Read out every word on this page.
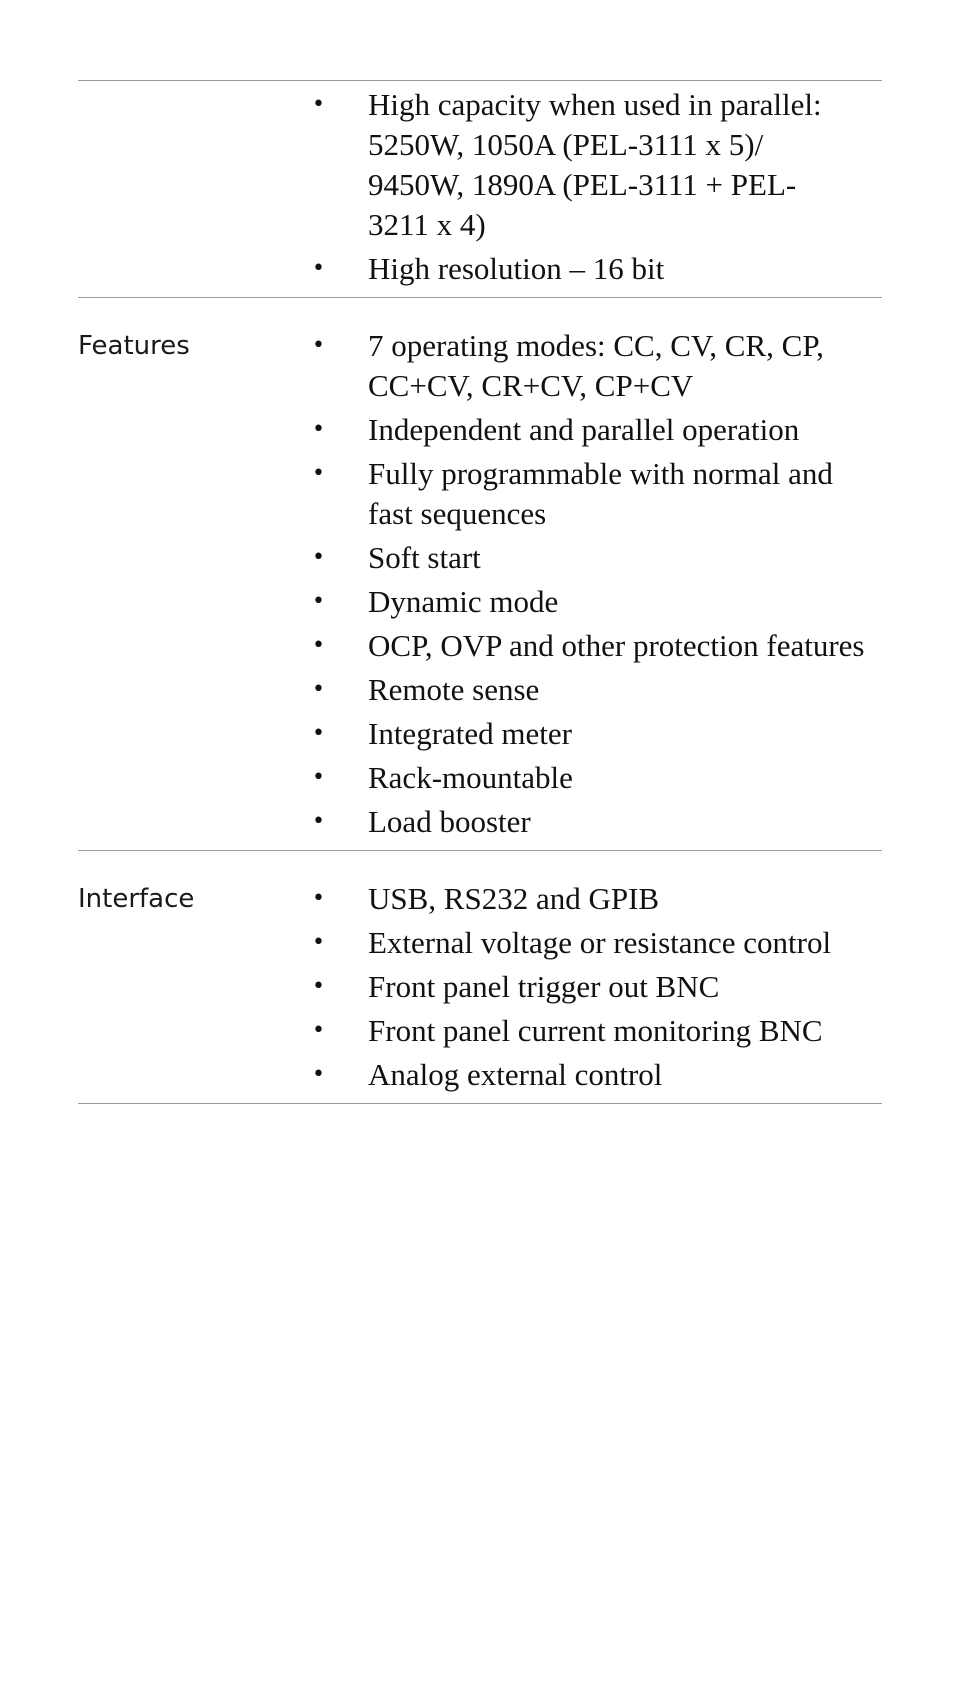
•	High capacity when used in parallel:
5250W, 1050A (PEL-3111 x 5)/
9450W, 1890A (PEL-3111 + PEL-
3211 x 4)
•	High resolution – 16 bit
Features	•	7 operating modes: CC, CV, CR, CP, CC+CV, CR+CV, CP+CV
•	Independent and parallel operation
•	Fully programmable with normal and fast sequences
•	Soft start
•	Dynamic mode
•	OCP, OVP and other protection features
•	Remote sense
•	Integrated meter
•	Rack-mountable
•	Load booster
Interface	•	USB, RS232 and GPIB
•	External voltage or resistance control
•	Front panel trigger out BNC
•	Front panel current monitoring BNC
•	Analog external control
